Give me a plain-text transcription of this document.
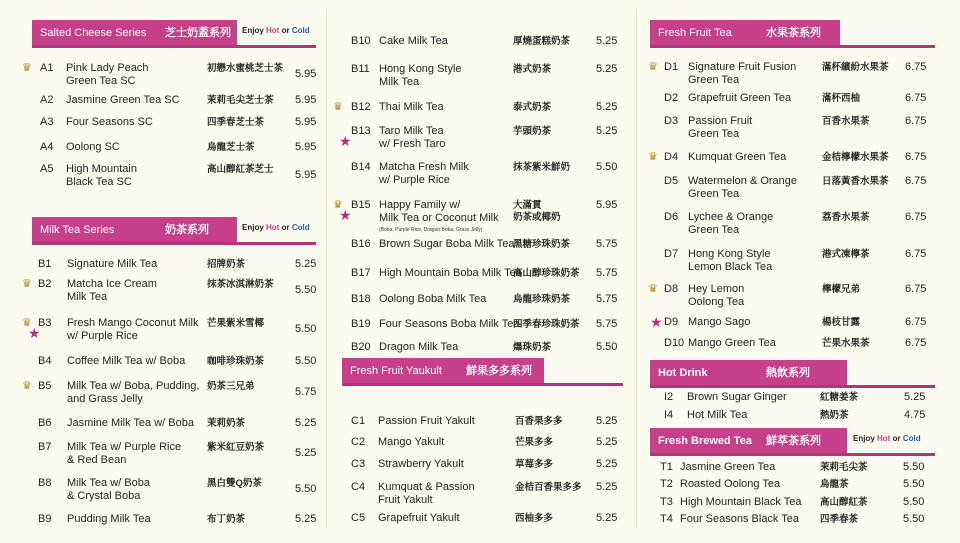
Salted Cheese Series 芝士奶蓋系列 Enjoy Hot or Cold
♛ A1 Pink Lady Peach
Green Tea SC
初戀水蜜桃芝士茶 5.95
A2 Jasmine Green Tea SC	茉莉毛尖芝士茶 5.95
A3 Four Seasons SC	四季春芝士茶	5.95
A4 Oolong SC	烏龍芝士茶	5.95
A5 High Mountain
Black Tea SC
高山醇紅茶芝士 5.95
Milk Tea Series	奶茶系列	Enjoy Hot or Cold
B1 Signature Milk Tea	招牌奶茶	5.25
♛ B2 Matcha Ice Cream
Milk Tea
抹茶冰淇淋奶茶 5.50
♛
★
B3 Fresh Mango Coconut Milk
w/ Purple Rice
芒果紫米雪椰	5.50
B4 Coffee Milk Tea w/ Boba 咖啡珍珠奶茶	5.50
♛ B5 Milk Tea w/ Boba, Pudding,
and Grass Jelly
奶茶三兄弟	5.75
B6 Jasmine Milk Tea w/ Boba 茉莉奶茶	5.25
B7 Milk Tea w/ Purple Rice
& Red Bean
紫米紅豆奶茶	5.25
B8 Milk Tea w/ Boba
& Crystal Boba
黑白雙Q奶茶	5.50
B9 Pudding Milk Tea	布丁奶茶	5.25
B10 Cake Milk Tea	厚燒蛋糕奶茶 5.25
B11 Hong Kong Style
Milk Tea
港式奶茶	5.25
♛ B12 Thai Milk Tea	泰式奶茶	5.25
★
B13 Taro Milk Tea
w/ Fresh Taro
芋頭奶茶	5.25
B14 Matcha Fresh Milk
w/ Purple Rice
抹茶紫米鮮奶 5.50
♛
★
B15 Happy Family w/
Milk Tea or Coconut Milk
(Boba, Purple Rice, Dragon Boba, Grass Jelly)
大滿貫
奶茶或椰奶
5.95
B16 Brown Sugar Boba Milk Tea
黑糖珍珠奶茶 5.75
B17 High Mountain Boba Milk Tea
高山醇珍珠奶茶 5.75
B18 Oolong Boba Milk Tea	烏龍珍珠奶茶 5.75
B19 Four Seasons Boba Milk Tea
四季春珍珠奶茶 5.75
B20 Dragon Milk Tea	爆珠奶茶	5.50
Fresh Fruit Yaukult 鮮果多多系列
C1 Passion Fruit Yakult	百香果多多	5.25
C2 Mango Yakult	芒果多多	5.25
C3 Strawberry Yakult	草莓多多	5.25
C4 Kumquat & Passion
Fruit Yakult
金桔百香果多多 5.25
C5 Grapefruit Yakult	西柚多多	5.25
Fresh Fruit Tea	水果茶系列
♛ D1 Signature Fruit Fusion
Green Tea
滿杯繽紛水果茶 6.75
D2 Grapefruit Green Tea	滿杯西柚	6.75
D3 Passion Fruit
Green Tea
百香水果茶	6.75
♛ D4 Kumquat Green Tea	金桔檸檬水果茶 6.75
D5 Watermelon & Orange
Green Tea
日落黃香水果茶 6.75
D6 Lychee & Orange
Green Tea
荔香水果茶	6.75
D7 Hong Kong Style
Lemon Black Tea
港式凍檸茶	6.75
♛ D8 Hey Lemon
Oolong Tea
檸檬兄弟	6.75
★ D9 Mango Sago	楊枝甘露	6.75
D10 Mango Green Tea	芒果水果茶	6.75
Hot Drink	熱飲系列
I2 Brown Sugar Ginger	紅糖姜茶	5.25
I4 Hot Milk Tea	熱奶茶	4.75
Fresh Brewed Tea 鮮萃茶系列	Enjoy Hot or Cold
T1 Jasmine Green Tea	茉莉毛尖茶	5.50
T2 Roasted Oolong Tea	烏龍茶	5.50
T3 High Mountain Black Tea 高山醇紅茶	5.50
T4 Four Seasons Black Tea 四季春茶	5.50
